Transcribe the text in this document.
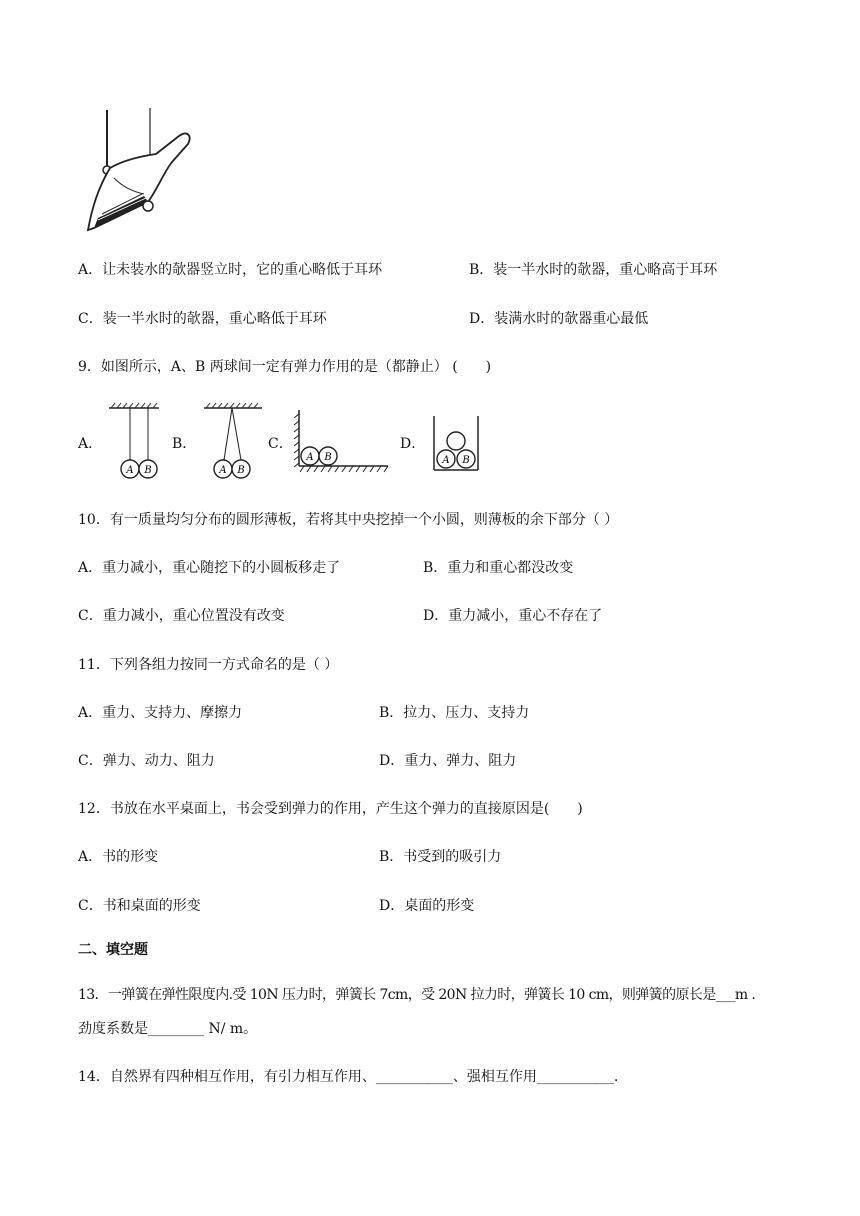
A．让未装水的欹器竖立时，它的重心略低于耳环	B．装一半水时的欹器，重心略高于耳环
C．装一半水时的欹器，重心略低于耳环	D．装满水时的欹器重心最低
9．如图所示，A、B 两球间一定有弹力作用的是（都静止） (　　)
A．
A B
B．
A B
C．
A B
D．
A B
10．有一质量均匀分布的圆形薄板，若将其中央挖掉一个小圆，则薄板的余下部分（ ）
A．重力减小，重心随挖下的小圆板移走了	B．重力和重心都没改变
C．重力减小，重心位置没有改变	D．重力减小，重心不存在了
11．下列各组力按同一方式命名的是（ ）
A．重力、支持力、摩擦力	B．拉力、压力、支持力
C．弹力、动力、阻力	D．重力、弹力、阻力
12．书放在水平桌面上，书会受到弹力的作用，产生这个弹力的直接原因是(　　)
A．书的形变	B．书受到的吸引力
C．书和桌面的形变	D．桌面的形变
二、填空题
13．一弹簧在弹性限度内.受 10N 压力时，弹簧长 7cm，受 20N 拉力时，弹簧长 10 cm，则弹簧的原长是___m .
劲度系数是________ N/ m。
14．自然界有四种相互作用，有引力相互作用、___________、强相互作用___________.
